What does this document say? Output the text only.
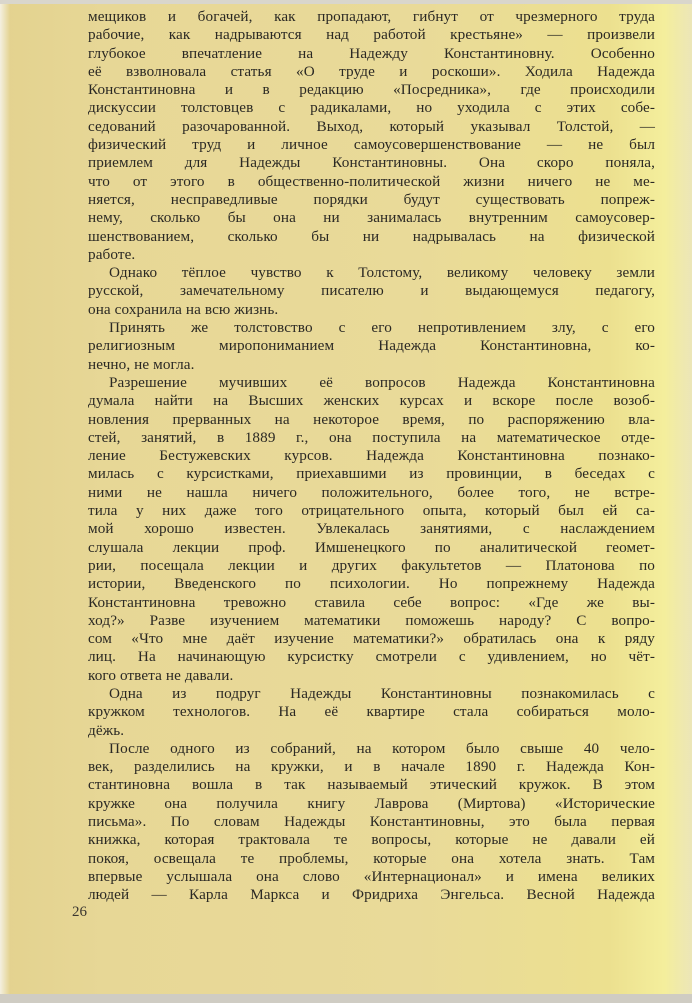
мещиков и богачей, как пропадают, гибнут от чрезмерного труда
рабочие, как надрываются над работой крестьяне» — произвели
глубокое впечатление на Надежду Константиновну. Особенно
её взволновала статья «О труде и роскоши». Ходила Надежда
Константиновна и в редакцию «Посредника», где происходили
дискуссии толстовцев с радикалами, но уходила с этих собе-
седований разочарованной. Выход, который указывал Толстой, —
физический труд и личное самоусовершенствование — не был
приемлем для Надежды Константиновны. Она скоро поняла,
что от этого в общественно-политической жизни ничего не ме-
няется, несправедливые порядки будут существовать попреж-
нему, сколько бы она ни занималась внутренним самоусовер-
шенствованием, сколько бы ни надрывалась на физической
работе.
Однако тёплое чувство к Толстому, великому человеку земли
русской, замечательному писателю и выдающемуся педагогу,
она сохранила на всю жизнь.
Принять же толстовство с его непротивлением злу, с его
религиозным миропониманием Надежда Константиновна, ко-
нечно, не могла.
Разрешение мучивших её вопросов Надежда Константиновна
думала найти на Высших женских курсах и вскоре после возоб-
новления прерванных на некоторое время, по распоряжению вла-
стей, занятий, в 1889 г., она поступила на математическое отде-
ление Бестужевских курсов. Надежда Константиновна познако-
милась с курсистками, приехавшими из провинции, в беседах с
ними не нашла ничего положительного, более того, не встре-
тила у них даже того отрицательного опыта, который был ей са-
мой хорошо известен. Увлекалась занятиями, с наслаждением
слушала лекции проф. Имшенецкого по аналитической геомет-
рии, посещала лекции и других факультетов — Платонова по
истории, Введенского по психологии. Но попрежнему Надежда
Константиновна тревожно ставила себе вопрос: «Где же вы-
ход?» Разве изучением математики поможешь народу? С вопро-
сом «Что мне даёт изучение математики?» обратилась она к ряду
лиц. На начинающую курсистку смотрели с удивлением, но чёт-
кого ответа не давали.
Одна из подруг Надежды Константиновны познакомилась с
кружком технологов. На её квартире стала собираться моло-
дёжь.
После одного из собраний, на котором было свыше 40 чело-
век, разделились на кружки, и в начале 1890 г. Надежда Кон-
стантиновна вошла в так называемый этический кружок. В этом
кружке она получила книгу Лаврова (Миртова) «Исторические
письма». По словам Надежды Константиновны, это была первая
книжка, которая трактовала те вопросы, которые не давали ей
покоя, освещала те проблемы, которые она хотела знать. Там
впервые услышала она слово «Интернационал» и имена великих
людей — Карла Маркса и Фридриха Энгельса. Весной Надежда
26
